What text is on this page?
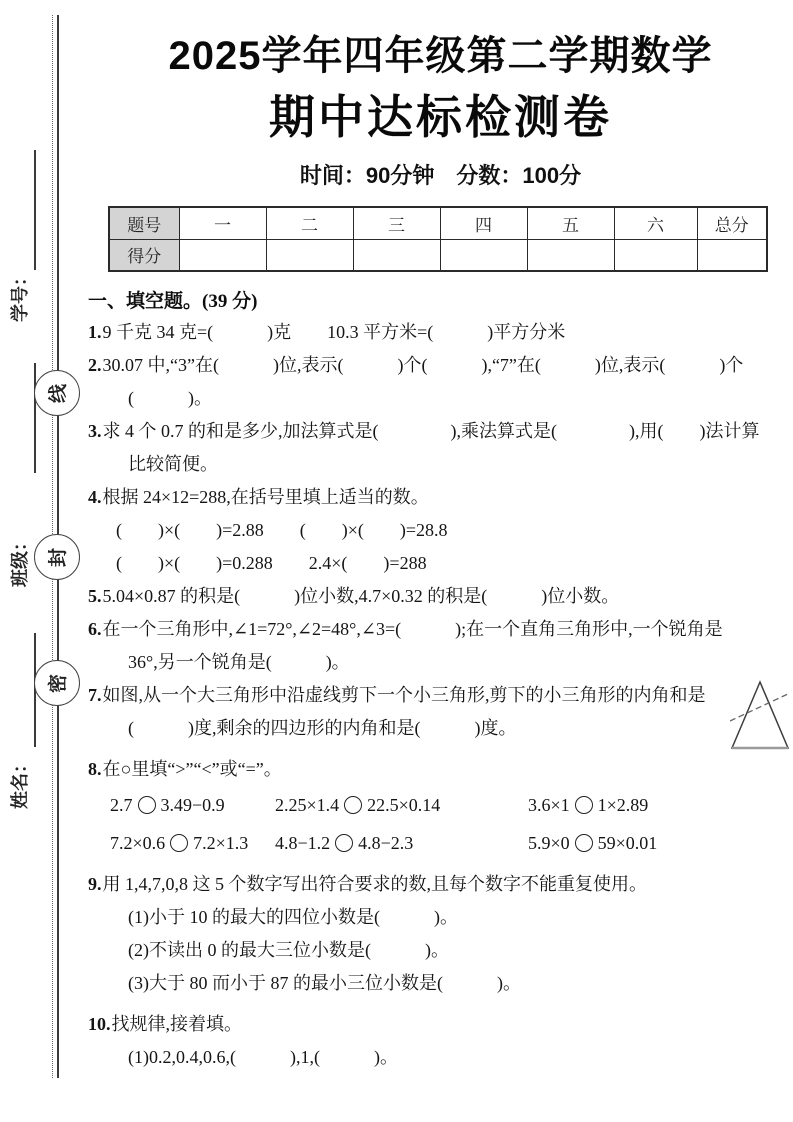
学号：
线
班级： 封
密
姓名：
2025学年四年级第二学期数学
期中达标检测卷
时间：90分钟　分数：100分
题号	一	二	三	四	五	六	总分
得分							
一、填空题。(39 分)
1.9 千克 34 克=(　　　)克　　10.3 平方米=(　　　)平方分米
2.30.07 中,“3”在(　　　)位,表示(　　　)个(　　　),“7”在(　　　)位,表示(　　　)个
(　　　)。
3.求 4 个 0.7 的和是多少,加法算式是(　　　　),乘法算式是(　　　　),用(　　)法计算
比较简便。
4.根据 24×12=288,在括号里填上适当的数。
(　　)×(　　)=2.88　　(　　)×(　　)=28.8
(　　)×(　　)=0.288　　2.4×(　　)=288
5.5.04×0.87 的积是(　　　)位小数,4.7×0.32 的积是(　　　)位小数。
6.在一个三角形中,∠1=72°,∠2=48°,∠3=(　　　);在一个直角三角形中,一个锐角是
36°,另一个锐角是(　　　)。
7.如图,从一个大三角形中沿虚线剪下一个小三角形,剪下的小三角形的内角和是
(　　　)度,剩余的四边形的内角和是(　　　)度。
8.在○里填“>”“<”或“=”。
2.7 3.49−0.9	2.25×1.4 22.5×0.14	3.6×1 1×2.89
7.2×0.6 7.2×1.3	4.8−1.2 4.8−2.3	5.9×0 59×0.01
9.用 1,4,7,0,8 这 5 个数字写出符合要求的数,且每个数字不能重复使用。
(1)小于 10 的最大的四位小数是(　　　)。
(2)不读出 0 的最大三位小数是(　　　)。
(3)大于 80 而小于 87 的最小三位小数是(　　　)。
10.找规律,接着填。
(1)0.2,0.4,0.6,(　　　),1,(　　　)。
